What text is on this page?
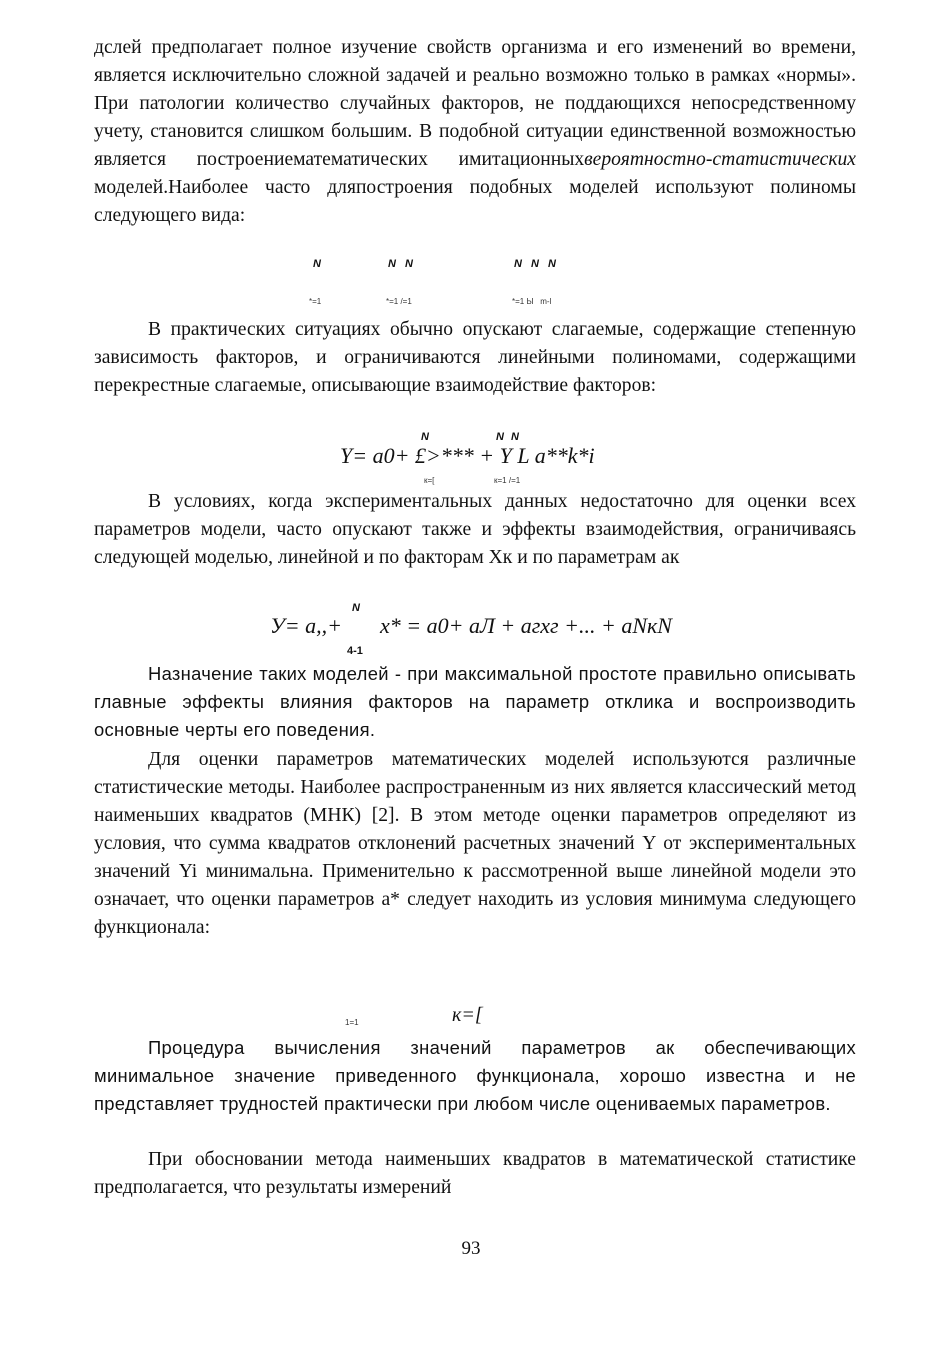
дслей предполагает полное изучение свойств организма и его изменений во времени, является исключительно сложной задачей и реально возможно только в рамках «нормы». При патологии количество случайных факторов, не поддающихся непосредственному учету, становится слишком большим. В подобной ситуации единственной возможностью является построениематематических имитационныхвероятностно-статистических моделей.Наиболее часто дляпостроения подобных моделей используют полиномы следующего вида:

N	N N	N N N
*=1	*=1 /=1	*=1 Ы   m-l

В практических ситуациях обычно опускают слагаемые, содержащие степенную зависимость факторов, и ограничиваются линейными полиномами, содержащими перекрестные слагаемые, описывающие взаимодействие факторов:

N	N N
Y= a0+ £>*** + Y L a**k*i
к=[	к=1 /=1

В условиях, когда экспериментальных данных недостаточно для оценки всех параметров модели, часто опускают также и эффекты взаимодействия, ограничиваясь следующей моделью, линейной и по факторам Хк и по параметрам ак

N
У= а,,+ х* = а0+ аЛ + агхг +... + аNкN
4-1

Назначение таких моделей - при максимальной простоте правильно описывать главные эффекты влияния факторов на параметр отклика и воспроизводить основные черты его поведения.

Для оценки параметров математических моделей используются различные статистические методы. Наиболее распространенным из них является классический метод наименьших квадратов (МНК) [2]. В этом методе оценки параметров определяют из условия, что сумма квадратов отклонений расчетных значений Y от экспериментальных значений Yi минимальна. Применительно к рассмотренной выше линейной модели это означает, что оценки параметров а* следует находить из условия минимума следующего функционала:

1=1	к=[

Процедура вычисления значений параметров ак обеспечивающих минимальное значение приведенного функционала, хорошо известна и не представляет трудностей практически при любом числе оцениваемых параметров.

При обосновании метода наименьших квадратов в математической статистике предполагается, что результаты измерений

93
